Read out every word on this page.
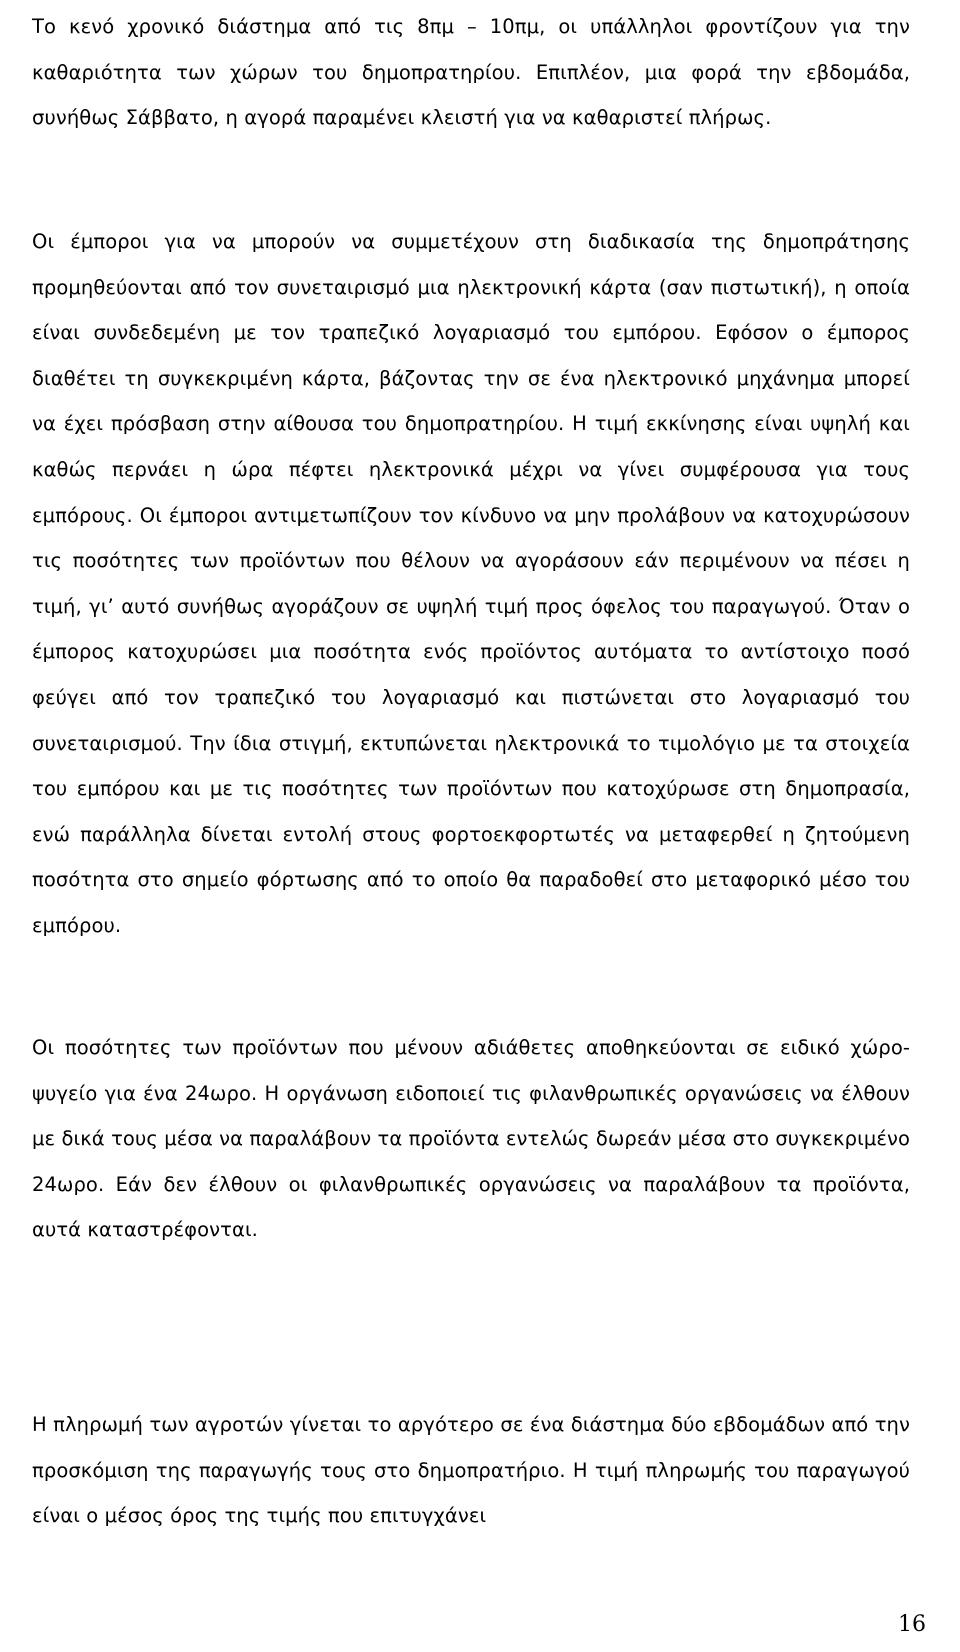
Το κενό χρονικό διάστημα από τις 8πμ – 10πμ, οι υπάλληλοι φροντίζουν για την καθαριότητα των χώρων του δημοπρατηρίου. Επιπλέον, μια φορά την εβδομάδα, συνήθως Σάββατο, η αγορά παραμένει κλειστή για να καθαριστεί πλήρως.

Οι έμποροι για να μπορούν να συμμετέχουν στη διαδικασία της δημοπράτησης προμηθεύονται από τον συνεταιρισμό μια ηλεκτρονική κάρτα (σαν πιστωτική), η οποία είναι συνδεδεμένη με τον τραπεζικό λογαριασμό του εμπόρου. Εφόσον ο έμπορος διαθέτει τη συγκεκριμένη κάρτα, βάζοντας την σε ένα ηλεκτρονικό μηχάνημα μπορεί να έχει πρόσβαση στην αίθουσα του δημοπρατηρίου. Η τιμή εκκίνησης είναι υψηλή και καθώς περνάει η ώρα πέφτει ηλεκτρονικά μέχρι να γίνει συμφέρουσα για τους εμπόρους. Οι έμποροι αντιμετωπίζουν τον κίνδυνο να μην προλάβουν να κατοχυρώσουν τις ποσότητες των προϊόντων που θέλουν να αγοράσουν εάν περιμένουν να πέσει η τιμή, γι’ αυτό συνήθως αγοράζουν σε υψηλή τιμή προς όφελος του παραγωγού. Όταν ο έμπορος κατοχυρώσει μια ποσότητα ενός προϊόντος αυτόματα το αντίστοιχο ποσό φεύγει από τον τραπεζικό του λογαριασμό και πιστώνεται στο λογαριασμό του συνεταιρισμού. Την ίδια στιγμή, εκτυπώνεται ηλεκτρονικά το τιμολόγιο με τα στοιχεία του εμπόρου και με τις ποσότητες των προϊόντων που κατοχύρωσε στη δημοπρασία, ενώ παράλληλα δίνεται εντολή στους φορτοεκφορτωτές να μεταφερθεί η ζητούμενη ποσότητα στο σημείο φόρτωσης από το οποίο θα παραδοθεί στο μεταφορικό μέσο του εμπόρου.

Οι ποσότητες των προϊόντων που μένουν αδιάθετες αποθηκεύονται σε ειδικό χώρο-ψυγείο για ένα 24ωρο. Η οργάνωση ειδοποιεί τις φιλανθρωπικές οργανώσεις να έλθουν με δικά τους μέσα να παραλάβουν τα προϊόντα εντελώς δωρεάν μέσα στο συγκεκριμένο 24ωρο. Εάν δεν έλθουν οι φιλανθρωπικές οργανώσεις να παραλάβουν τα προϊόντα, αυτά καταστρέφονται.

Η πληρωμή των αγροτών γίνεται το αργότερο σε ένα διάστημα δύο εβδομάδων από την προσκόμιση της παραγωγής τους στο δημοπρατήριο. Η τιμή πληρωμής του παραγωγού είναι ο μέσος όρος της τιμής που επιτυγχάνει

16
